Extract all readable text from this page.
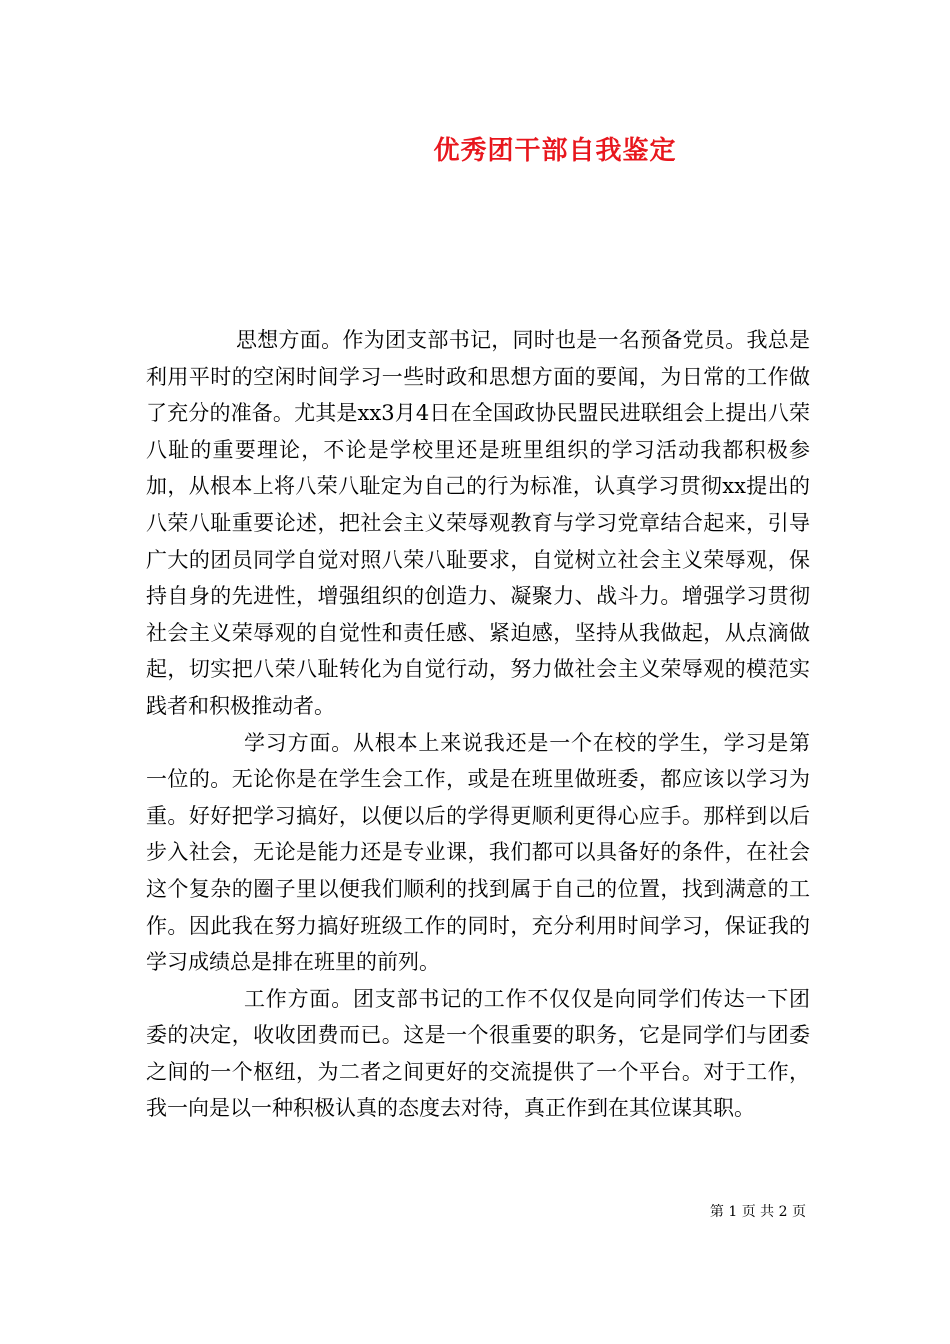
优秀团干部自我鉴定

思想方面。作为团支部书记，同时也是一名预备党员。我总是利用平时的空闲时间学习一些时政和思想方面的要闻，为日常的工作做了充分的准备。尤其是xx3月4日在全国政协民盟民进联组会上提出八荣八耻的重要理论，不论是学校里还是班里组织的学习活动我都积极参加，从根本上将八荣八耻定为自己的行为标准，认真学习贯彻xx提出的八荣八耻重要论述，把社会主义荣辱观教育与学习党章结合起来，引导广大的团员同学自觉对照八荣八耻要求，自觉树立社会主义荣辱观，保持自身的先进性，增强组织的创造力、凝聚力、战斗力。增强学习贯彻社会主义荣辱观的自觉性和责任感、紧迫感，坚持从我做起，从点滴做起，切实把八荣八耻转化为自觉行动，努力做社会主义荣辱观的模范实践者和积极推动者。

学习方面。从根本上来说我还是一个在校的学生，学习是第一位的。无论你是在学生会工作，或是在班里做班委，都应该以学习为重。好好把学习搞好，以便以后的学得更顺利更得心应手。那样到以后步入社会，无论是能力还是专业课，我们都可以具备好的条件，在社会这个复杂的圈子里以便我们顺利的找到属于自己的位置，找到满意的工作。因此我在努力搞好班级工作的同时，充分利用时间学习，保证我的学习成绩总是排在班里的前列。

工作方面。团支部书记的工作不仅仅是向同学们传达一下团委的决定，收收团费而已。这是一个很重要的职务，它是同学们与团委之间的一个枢纽，为二者之间更好的交流提供了一个平台。对于工作，我一向是以一种积极认真的态度去对待，真正作到在其位谋其职。

第 1 页 共 2 页
